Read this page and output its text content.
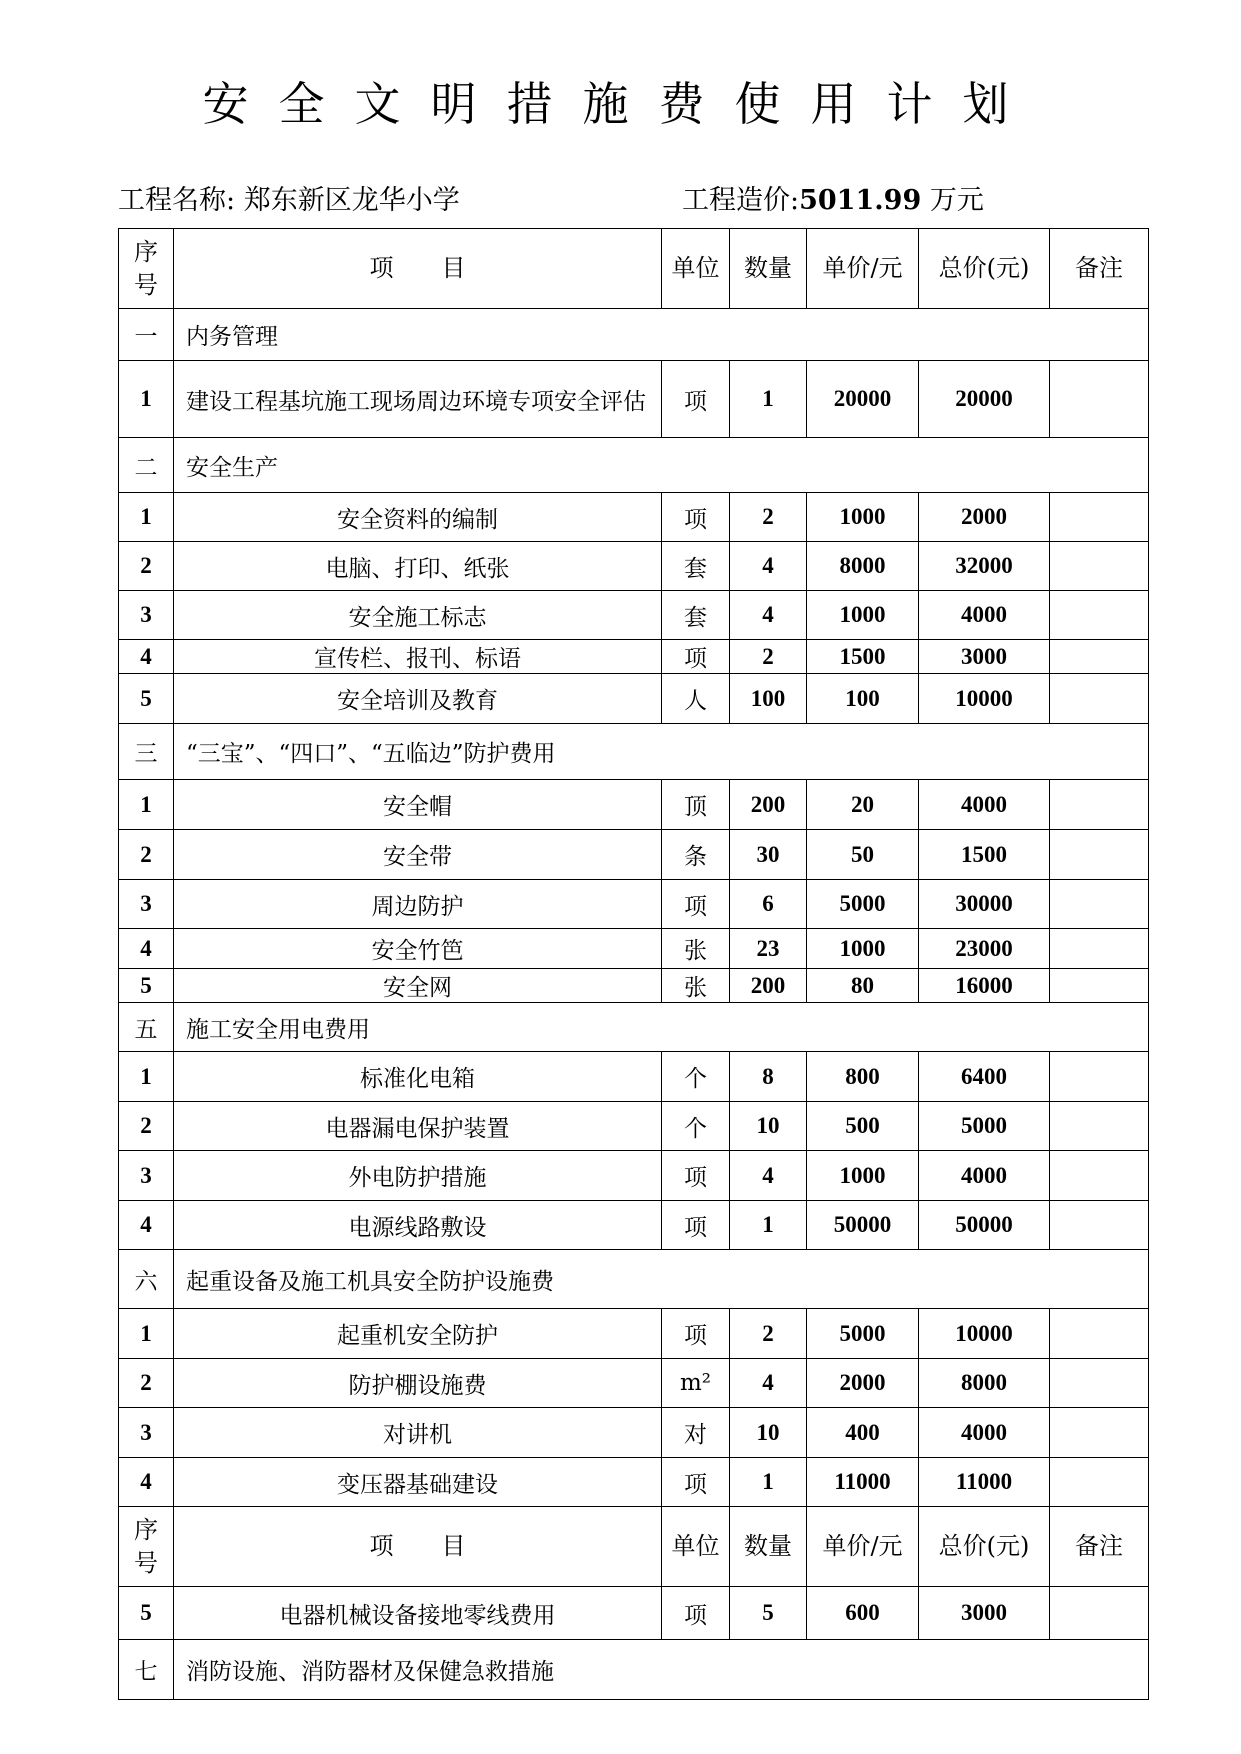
安全文明措施费使用计划
工程名称: 郑东新区龙华小学	工程造价:5011.99 万元
序号	项　　目	单位	数量	单价/元	总价(元)	备注
一	内务管理					
1	建设工程基坑施工现场周边环境专项安全评估	项	1	20000	20000	
二	安全生产					
1	安全资料的编制	项	2	1000	2000	
2	电脑、打印、纸张	套	4	8000	32000	
3	安全施工标志	套	4	1000	4000	
4	宣传栏、报刊、标语	项	2	1500	3000	
5	安全培训及教育	人	100	100	10000	
三	“三宝”、“四口”、“五临边”防护费用					
1	安全帽	顶	200	20	4000	
2	安全带	条	30	50	1500	
3	周边防护	项	6	5000	30000	
4	安全竹笆	张	23	1000	23000	
5	安全网	张	200	80	16000	
五	施工安全用电费用					
1	标准化电箱	个	8	800	6400	
2	电器漏电保护装置	个	10	500	5000	
3	外电防护措施	项	4	1000	4000	
4	电源线路敷设	项	1	50000	50000	
六	起重设备及施工机具安全防护设施费					
1	起重机安全防护	项	2	5000	10000	
2	防护棚设施费	m²	4	2000	8000	
3	对讲机	对	10	400	4000	
4	变压器基础建设	项	1	11000	11000	
序号	项　　目	单位	数量	单价/元	总价(元)	备注
5	电器机械设备接地零线费用	项	5	600	3000	
七	消防设施、消防器材及保健急救措施					
